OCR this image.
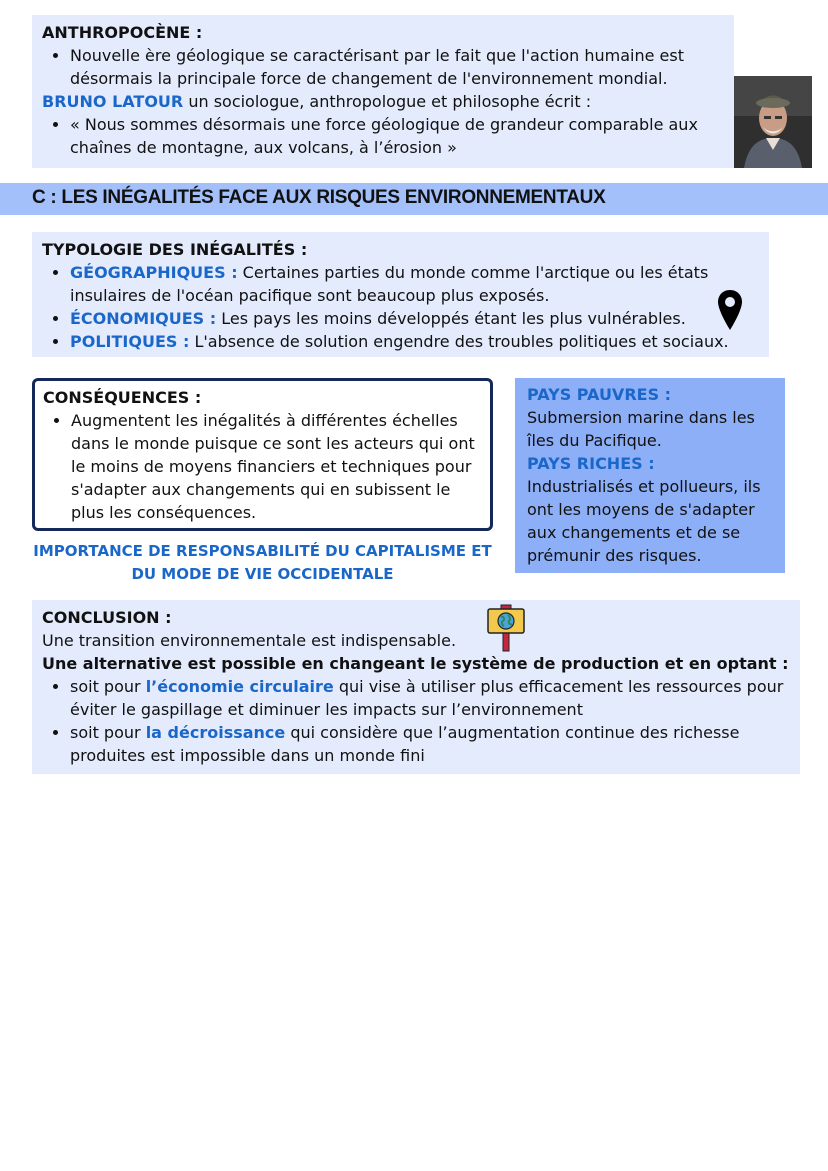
ANTHROPOCÈNE :
• Nouvelle ère géologique se caractérisant par le fait que l'action humaine est désormais la principale force de changement de l'environnement mondial.
BRUNO LATOUR un sociologue, anthropologue et philosophe écrit :
• « Nous sommes désormais une force géologique de grandeur comparable aux chaînes de montagne, aux volcans, à l’érosion »
C : LES INÉGALITÉS FACE AUX RISQUES ENVIRONNEMENTAUX
TYPOLOGIE DES INÉGALITÉS :
• GÉOGRAPHIQUES : Certaines parties du monde comme l'arctique ou les états insulaires de l'océan pacifique sont beaucoup plus exposés.
• ÉCONOMIQUES : Les pays les moins développés étant les plus vulnérables.
• POLITIQUES : L'absence de solution engendre des troubles politiques et sociaux.
CONSÉQUENCES :
• Augmentent les inégalités à différentes échelles dans le monde puisque ce sont les acteurs qui ont le moins de moyens financiers et techniques pour s'adapter aux changements qui en subissent le plus les conséquences.
IMPORTANCE DE RESPONSABILITÉ DU CAPITALISME ET DU MODE DE VIE OCCIDENTALE
PAYS PAUVRES :
Submersion marine dans les îles du Pacifique.
PAYS RICHES :
Industrialisés et pollueurs, ils ont les moyens de s'adapter aux changements et de se prémunir des risques.
CONCLUSION :
Une transition environnementale est indispensable.
Une alternative est possible en changeant le système de production et en optant :
• soit pour l’économie circulaire qui vise à utiliser plus efficacement les ressources pour éviter le gaspillage et diminuer les impacts sur l’environnement
• soit pour la décroissance qui considère que l’augmentation continue des richesse produites est impossible dans un monde fini
